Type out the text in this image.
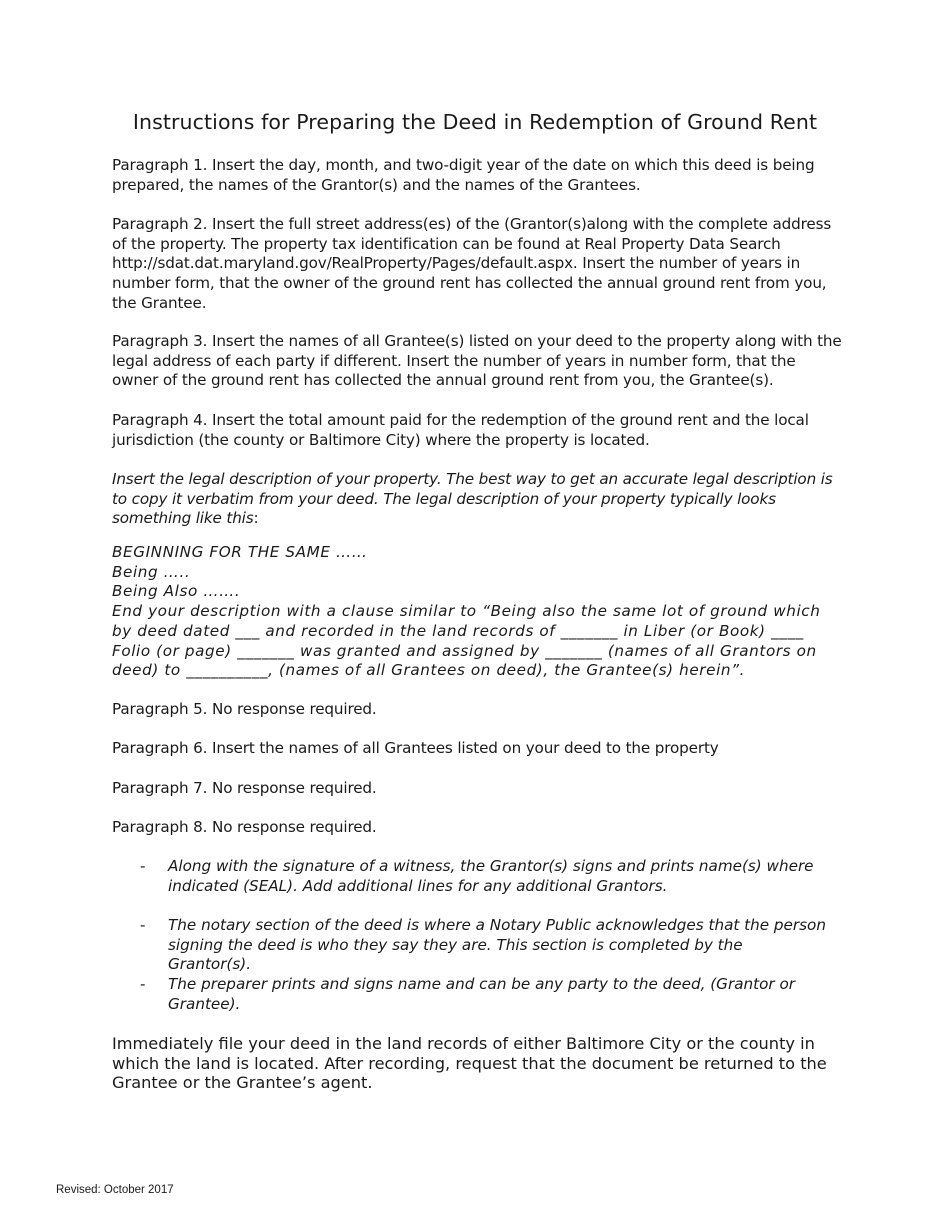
Instructions for Preparing the Deed in Redemption of Ground Rent
Paragraph 1. Insert the day, month, and two-digit year of the date on which this deed is being prepared, the names of the Grantor(s) and the names of the Grantees.
Paragraph 2. Insert the full street address(es) of the (Grantor(s)along with the complete address of the property. The property tax identification can be found at Real Property Data Search http://sdat.dat.maryland.gov/RealProperty/Pages/default.aspx. Insert the number of years in number form, that the owner of the ground rent has collected the annual ground rent from you, the Grantee.
Paragraph 3. Insert the names of all Grantee(s) listed on your deed to the property along with the legal address of each party if different. Insert the number of years in number form, that the owner of the ground rent has collected the annual ground rent from you, the Grantee(s).
Paragraph 4. Insert the total amount paid for the redemption of the ground rent and the local jurisdiction (the county or Baltimore City) where the property is located.
Insert the legal description of your property. The best way to get an accurate legal description is to copy it verbatim from your deed. The legal description of your property typically looks something like this:
BEGINNING FOR THE SAME ……
Being …..
Being Also …….
End your description with a clause similar to “Being also the same lot of ground which by deed dated ___ and recorded in the land records of _______ in Liber (or Book) ____ Folio (or page) _______ was granted and assigned by _______ (names of all Grantors on deed) to __________, (names of all Grantees on deed), the Grantee(s) herein”.
Paragraph 5. No response required.
Paragraph 6. Insert the names of all Grantees listed on your deed to the property
Paragraph 7. No response required.
Paragraph 8. No response required.
- Along with the signature of a witness, the Grantor(s) signs and prints name(s) where indicated (SEAL). Add additional lines for any additional Grantors.
- The notary section of the deed is where a Notary Public acknowledges that the person signing the deed is who they say they are. This section is completed by the Grantor(s).
- The preparer prints and signs name and can be any party to the deed, (Grantor or Grantee).
Immediately file your deed in the land records of either Baltimore City or the county in which the land is located. After recording, request that the document be returned to the Grantee or the Grantee’s agent.
Revised: October 2017
